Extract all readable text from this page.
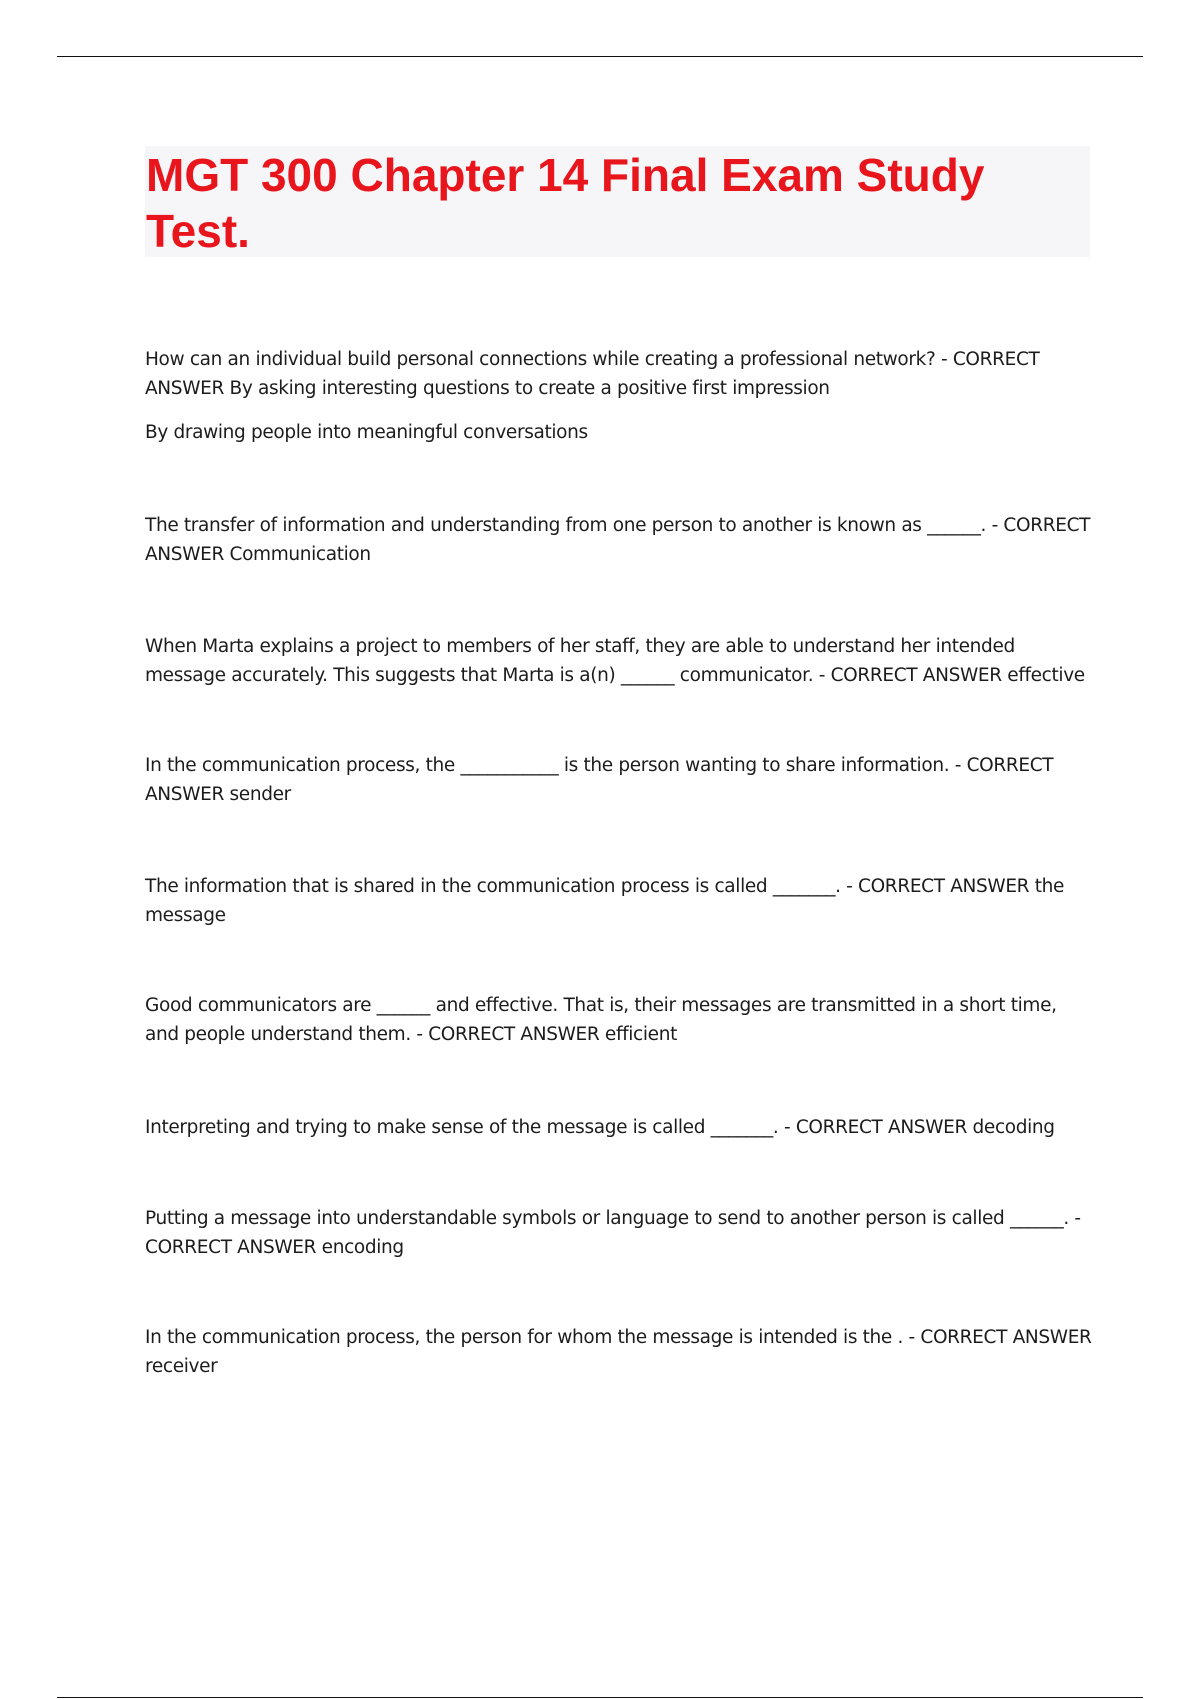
MGT 300 Chapter 14 Final Exam Study Test.

How can an individual build personal connections while creating a professional network? - CORRECT ANSWER By asking interesting questions to create a positive first impression

By drawing people into meaningful conversations

The transfer of information and understanding from one person to another is known as ______. - CORRECT ANSWER Communication

When Marta explains a project to members of her staff, they are able to understand her intended message accurately. This suggests that Marta is a(n) ______ communicator. - CORRECT ANSWER effective

In the communication process, the ___________ is the person wanting to share information. - CORRECT ANSWER sender

The information that is shared in the communication process is called _______. - CORRECT ANSWER the message

Good communicators are ______ and effective. That is, their messages are transmitted in a short time, and people understand them. - CORRECT ANSWER efficient

Interpreting and trying to make sense of the message is called _______. - CORRECT ANSWER decoding

Putting a message into understandable symbols or language to send to another person is called ______. - CORRECT ANSWER encoding

In the communication process, the person for whom the message is intended is the . - CORRECT ANSWER receiver
